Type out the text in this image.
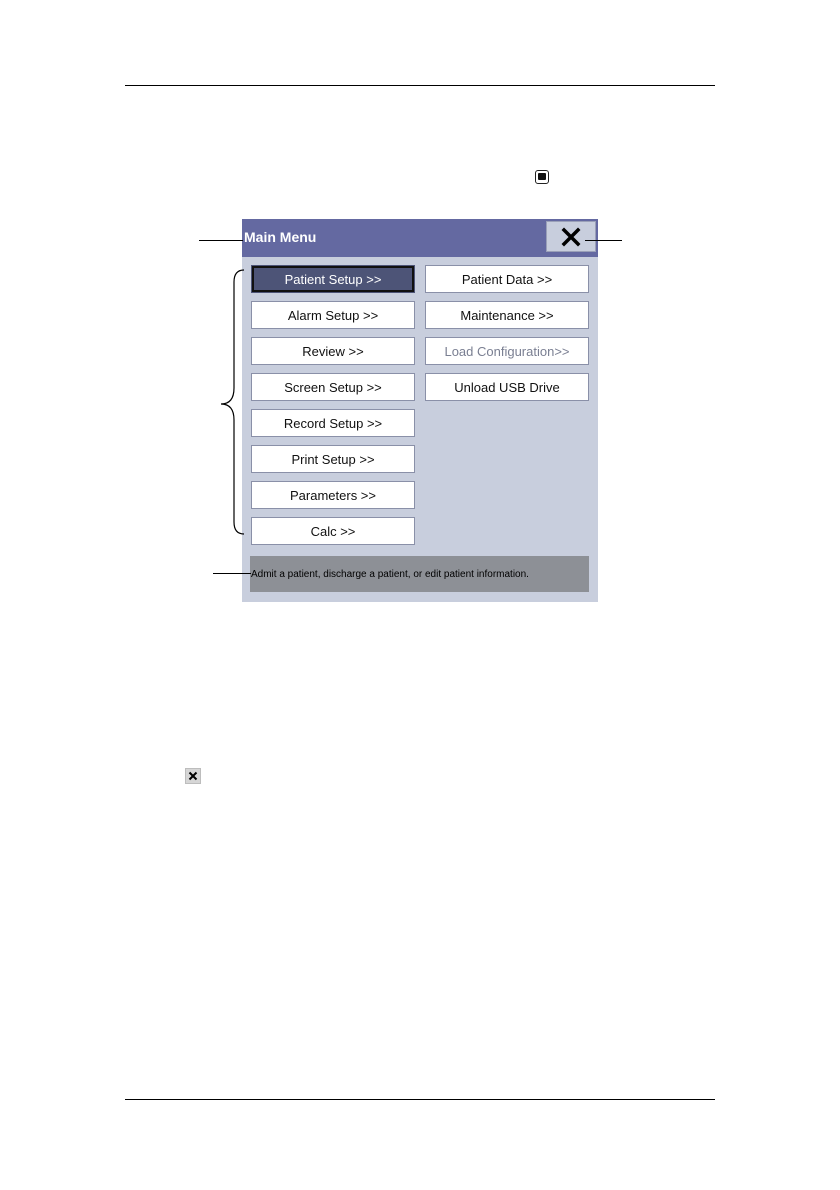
Main Menu
Patient Setup >>
Alarm Setup >>
Review >>
Screen Setup >>
Record Setup >>
Print Setup >>
Parameters >>
Calc >>
Patient Data >>
Maintenance >>
Load Configuration>>
Unload USB Drive
Admit a patient, discharge a patient, or edit patient information.
